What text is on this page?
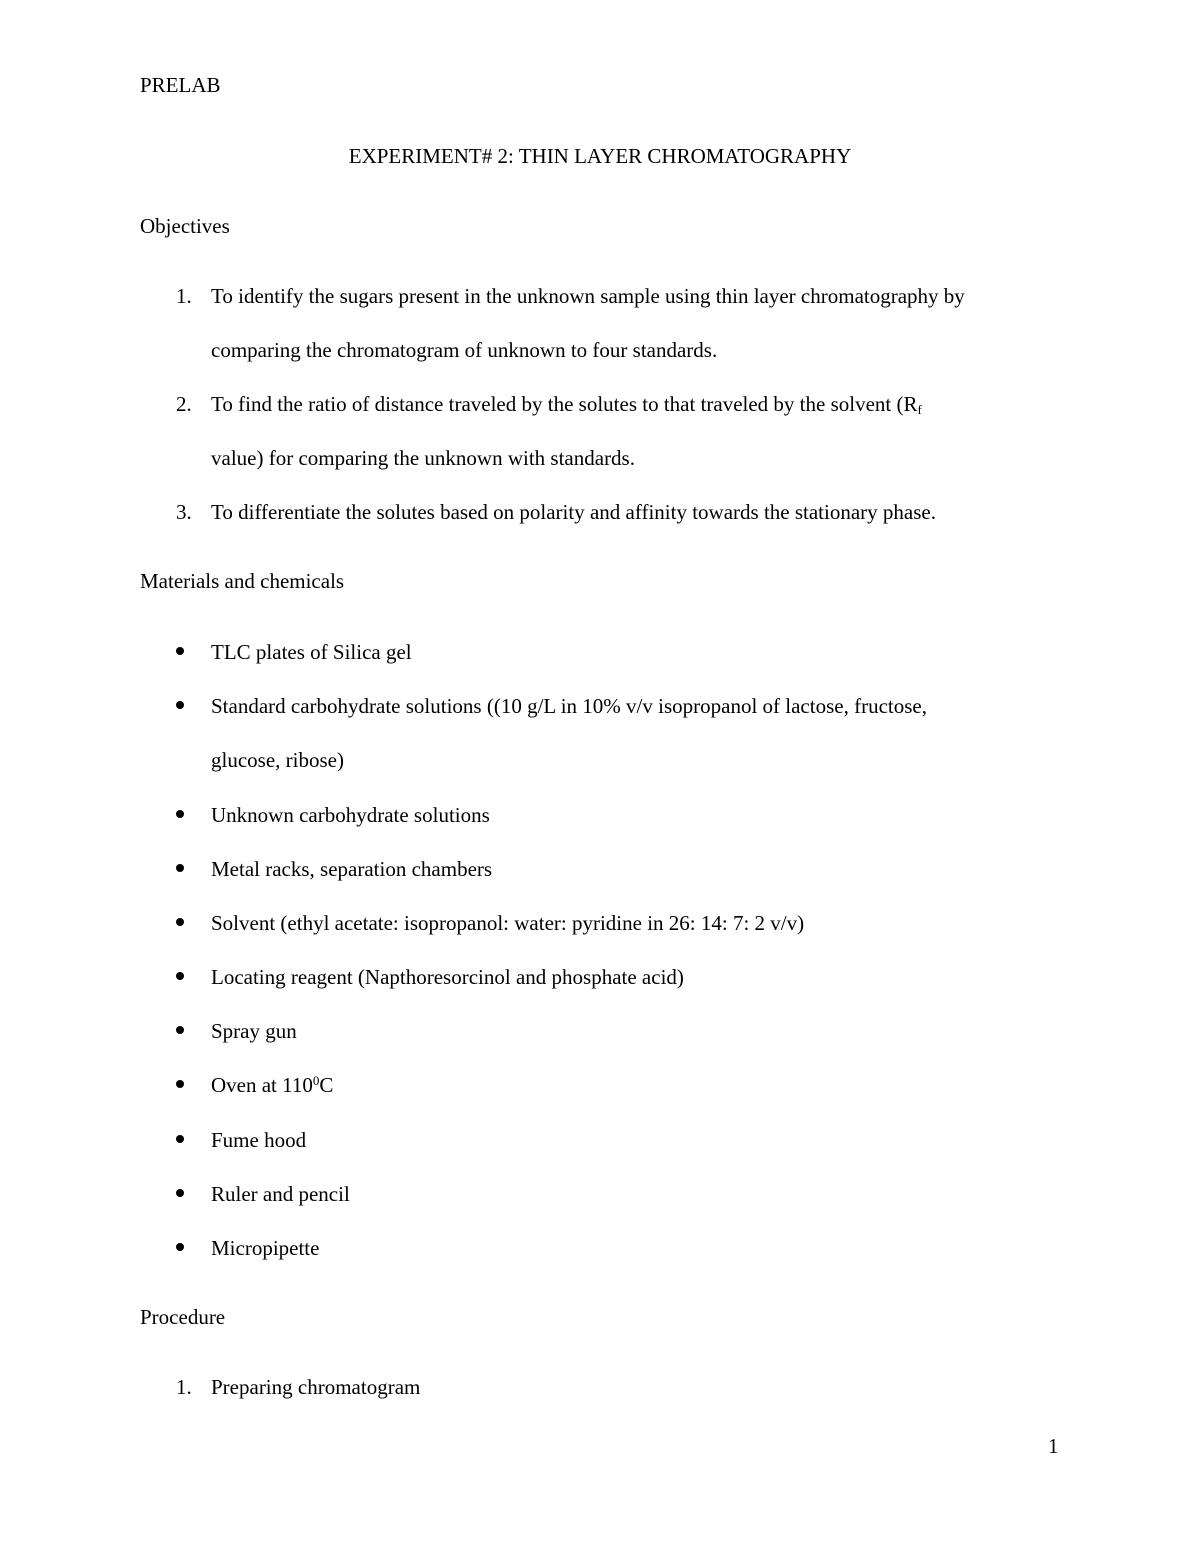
PRELAB
EXPERIMENT# 2: THIN LAYER CHROMATOGRAPHY
Objectives
1. To identify the sugars present in the unknown sample using thin layer chromatography by
comparing the chromatogram of unknown to four standards.
2. To find the ratio of distance traveled by the solutes to that traveled by the solvent ($R_f$
value) for comparing the unknown with standards.
3. To differentiate the solutes based on polarity and affinity towards the stationary phase.
Materials and chemicals
TLC plates of Silica gel
Standard carbohydrate solutions ((10 g/L in 10% v/v isopropanol of lactose, fructose,
glucose, ribose)
Unknown carbohydrate solutions
Metal racks, separation chambers
Solvent (ethyl acetate: isopropanol: water: pyridine in 26: 14: 7: 2 v/v)
Locating reagent (Napthoresorcinol and phosphate acid)
Spray gun
Oven at $110^0C$
Fume hood
Ruler and pencil
Micropipette
Procedure
1. Preparing chromatogram
1
